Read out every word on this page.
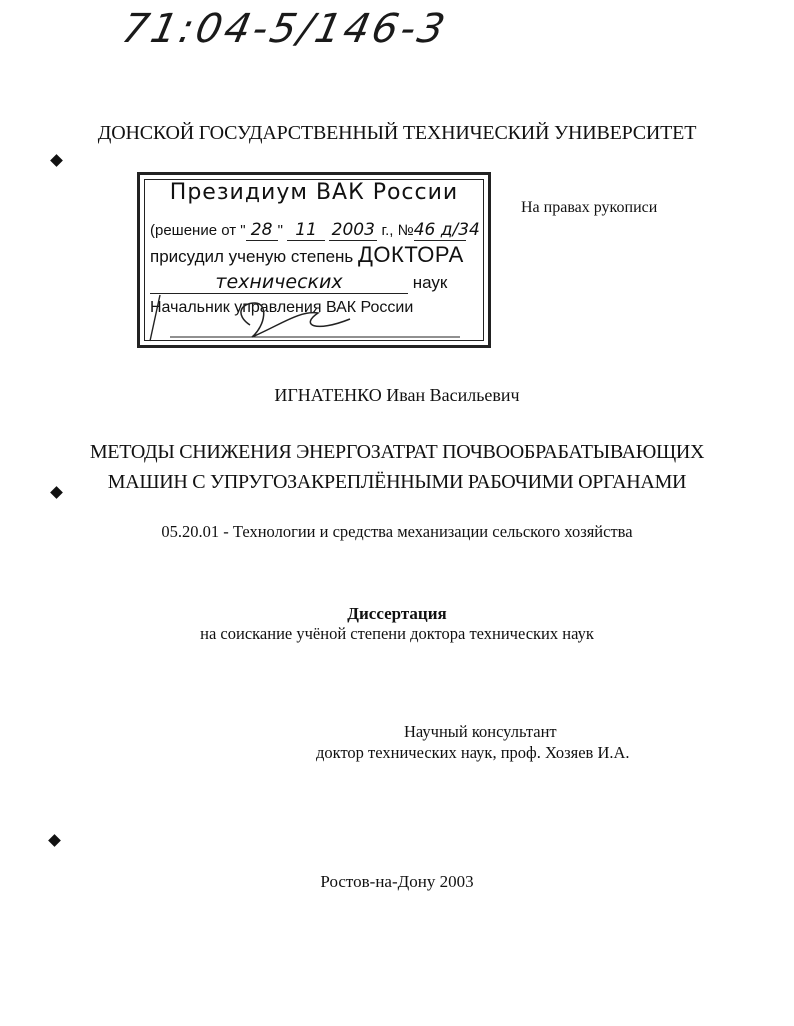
71:04-5/146-3
ДОНСКОЙ ГОСУДАРСТВЕННЫЙ ТЕХНИЧЕСКИЙ УНИВЕРСИТЕТ
Президиум ВАК России
(решение от " 28 " 11 2003 г., №46 д/34
присудил ученую степень ДОКТОРА
технических	наук
Начальник управления ВАК России
На правах рукописи
ИГНАТЕНКО Иван Васильевич
МЕТОДЫ СНИЖЕНИЯ ЭНЕРГОЗАТРАТ ПОЧВООБРАБАТЫВАЮЩИХ
МАШИН С УПРУГОЗАКРЕПЛЁННЫМИ РАБОЧИМИ ОРГАНАМИ
05.20.01 - Технологии и средства механизации сельского хозяйства
Диссертация
на соискание учёной степени доктора технических наук
Научный консультант
доктор технических наук, проф. Хозяев И.А.
Ростов-на-Дону 2003
